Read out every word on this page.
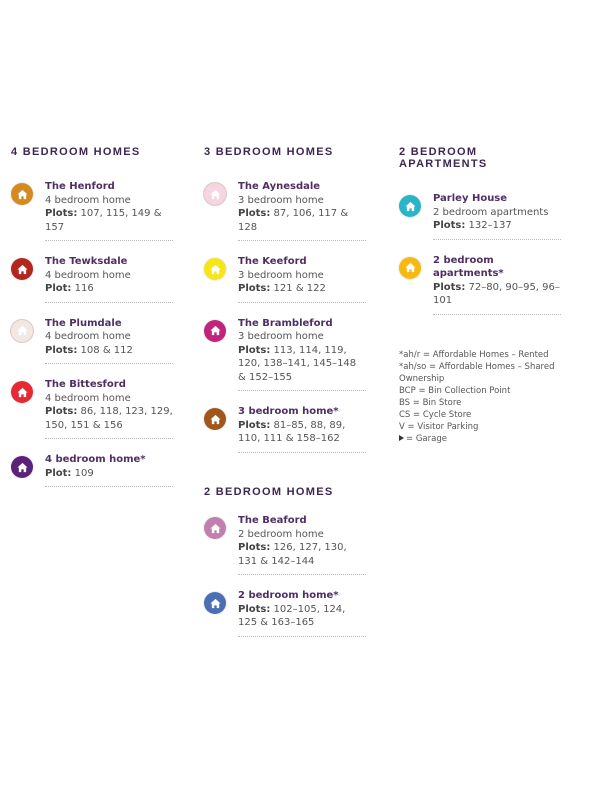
4 BEDROOM HOMES
The Henford
4 bedroom home
Plots: 107, 115, 149 & 157
The Tewksdale
4 bedroom home
Plot: 116
The Plumdale
4 bedroom home
Plots: 108 & 112
The Bittesford
4 bedroom home
Plots: 86, 118, 123, 129, 150, 151 & 156
4 bedroom home*
Plot: 109
3 BEDROOM HOMES
The Aynesdale
3 bedroom home
Plots: 87, 106, 117 & 128
The Keeford
3 bedroom home
Plots: 121 & 122
The Brambleford
3 bedroom home
Plots: 113, 114, 119, 120, 138–141, 145–148 & 152–155
3 bedroom home*
Plots: 81–85, 88, 89, 110, 111 & 158–162
2 BEDROOM APARTMENTS
Parley House
2 bedroom apartments
Plots: 132–137
2 bedroom apartments*
Plots: 72–80, 90–95, 96–101
2 BEDROOM HOMES
The Beaford
2 bedroom home
Plots: 126, 127, 130, 131 & 142–144
2 bedroom home*
Plots: 102–105, 124, 125 & 163–165
*ah/r = Affordable Homes – Rented
*ah/so = Affordable Homes – Shared Ownership
BCP = Bin Collection Point
BS = Bin Store
CS = Cycle Store
V = Visitor Parking
= Garage
